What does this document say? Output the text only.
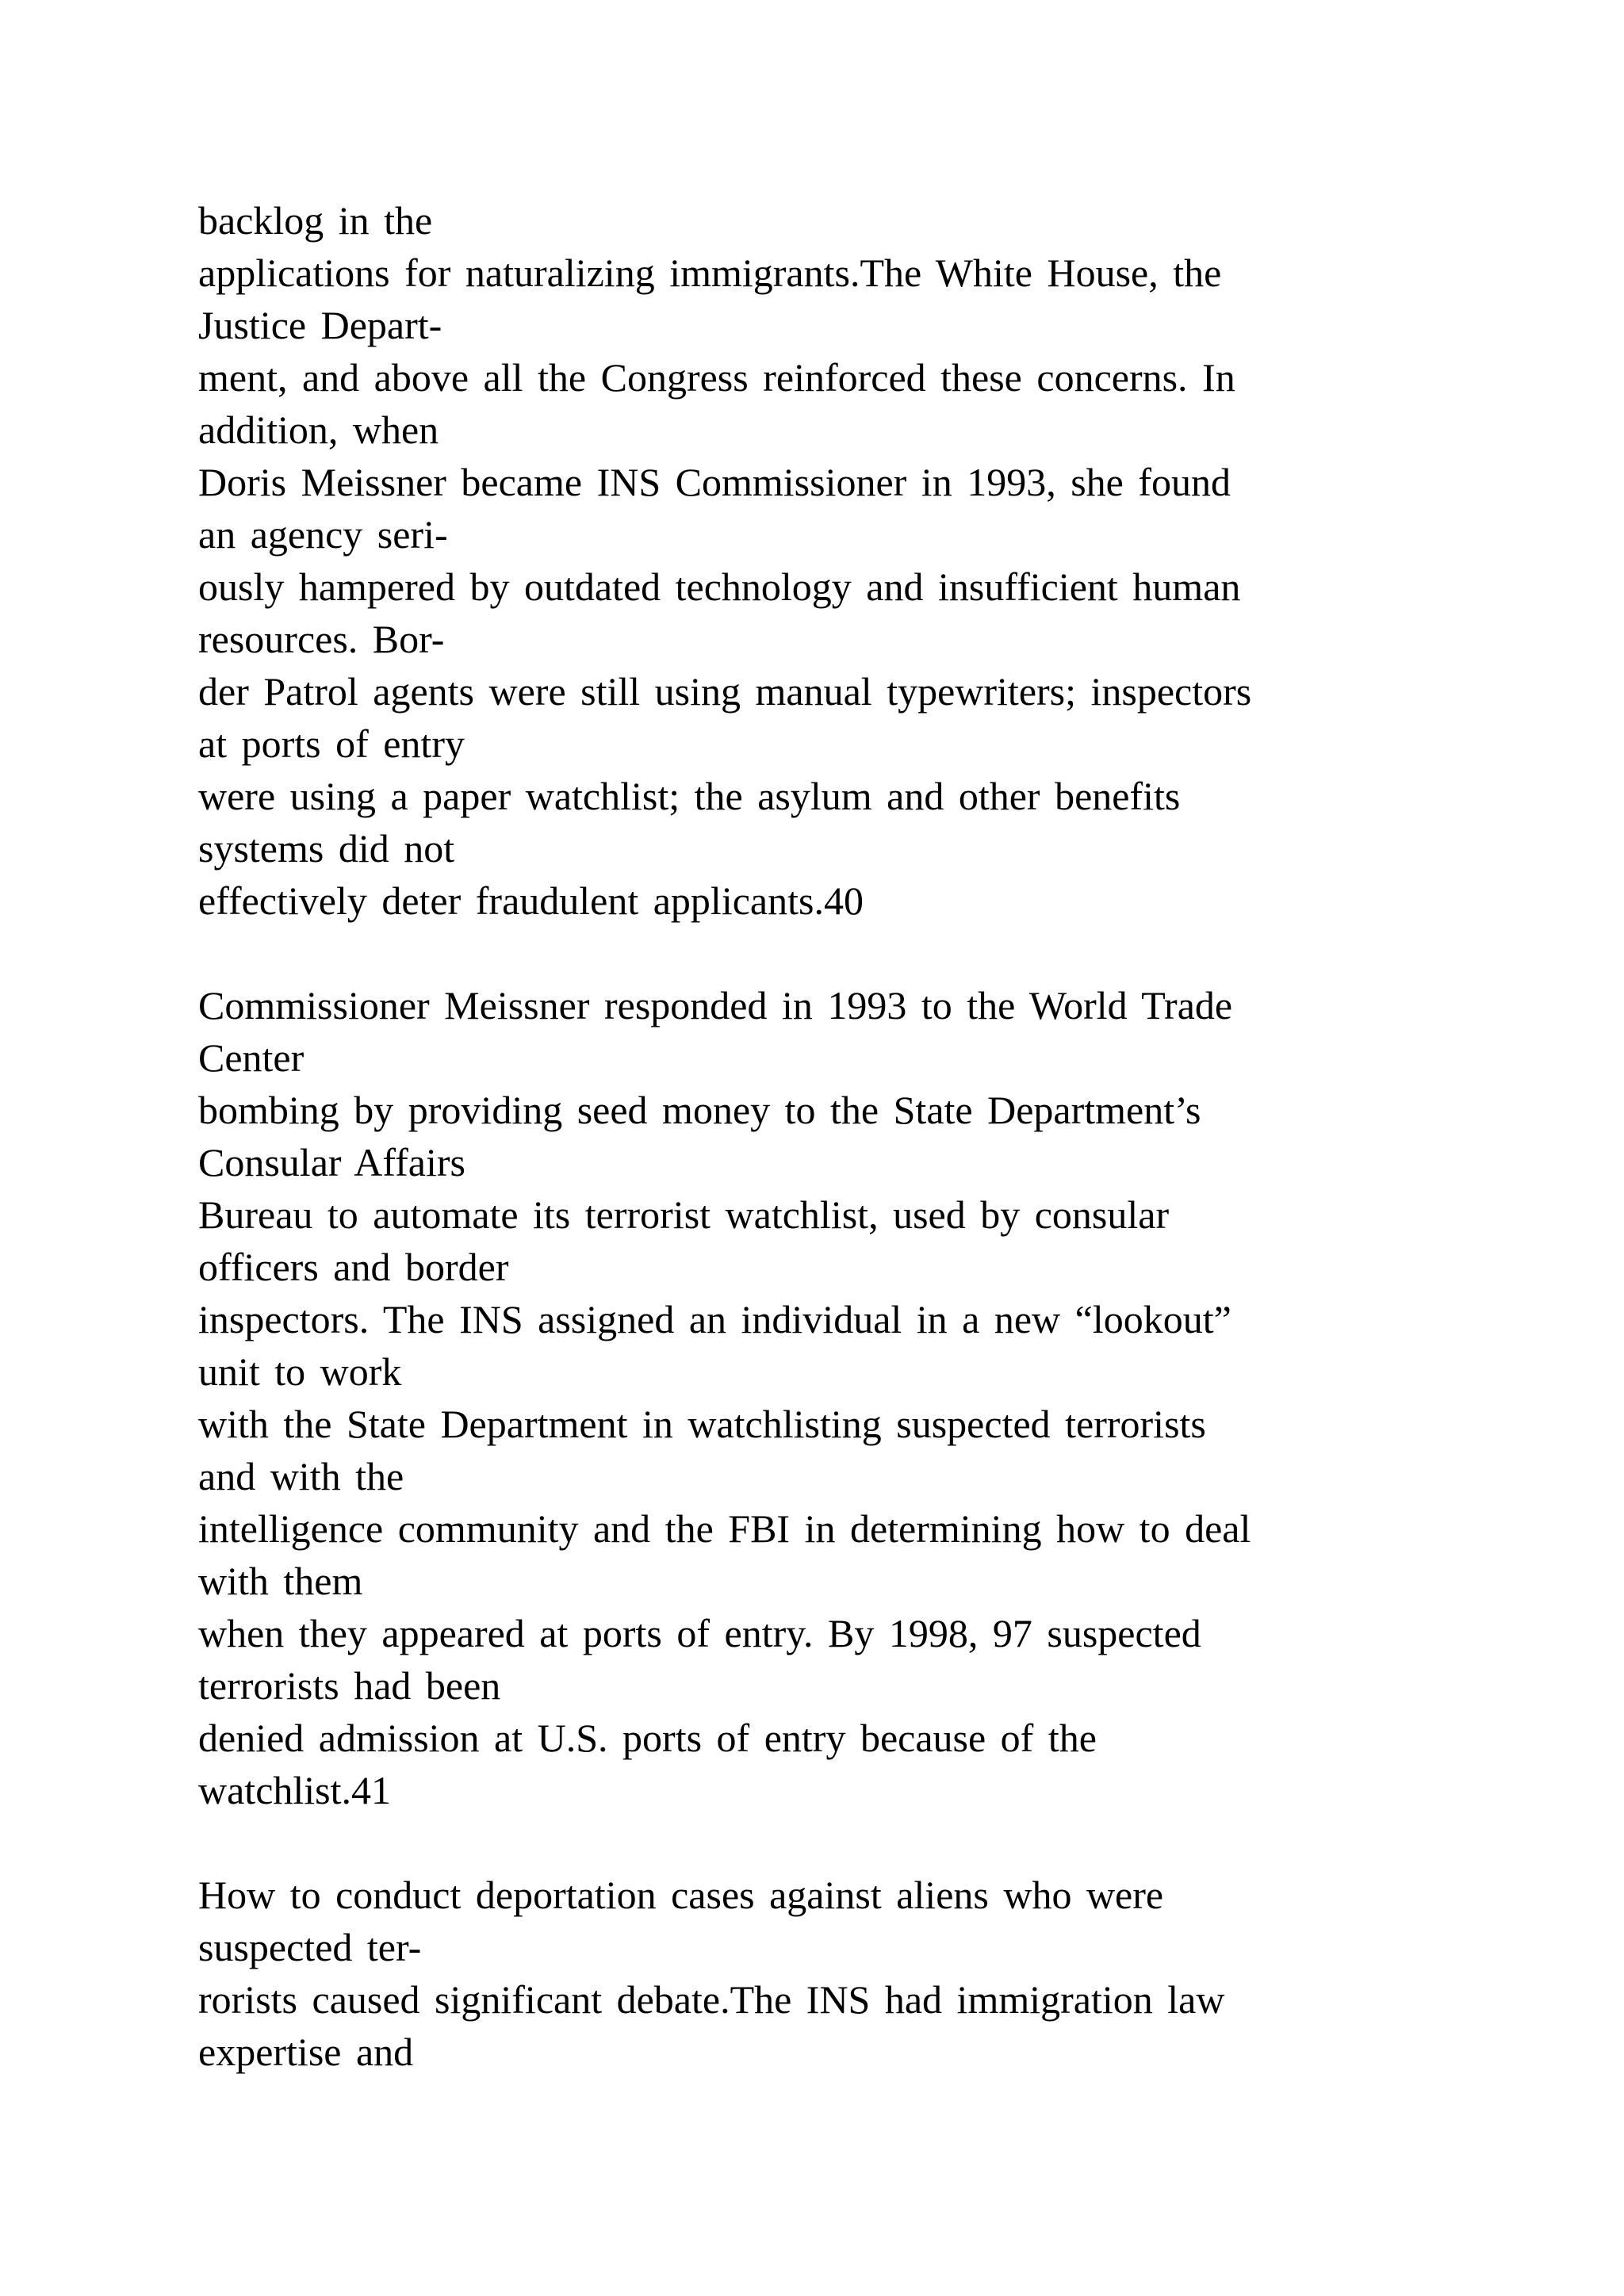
backlog in the
applications for naturalizing immigrants.The White House, the
Justice Depart-
ment, and above all the Congress reinforced these concerns. In
addition, when
Doris Meissner became INS Commissioner in 1993, she found
an agency seri-
ously hampered by outdated technology and insufficient human
resources. Bor-
der Patrol agents were still using manual typewriters; inspectors
at ports of entry
were using a paper watchlist; the asylum and other benefits
systems did not
effectively deter fraudulent applicants.40
Commissioner Meissner responded in 1993 to the World Trade
Center
bombing by providing seed money to the State Department’s
Consular Affairs
Bureau to automate its terrorist watchlist, used by consular
officers and border
inspectors. The INS assigned an individual in a new “lookout”
unit to work
with the State Department in watchlisting suspected terrorists
and with the
intelligence community and the FBI in determining how to deal
with them
when they appeared at ports of entry. By 1998, 97 suspected
terrorists had been
denied admission at U.S. ports of entry because of the
watchlist.41
How to conduct deportation cases against aliens who were
suspected ter-
rorists caused significant debate.The INS had immigration law
expertise and
